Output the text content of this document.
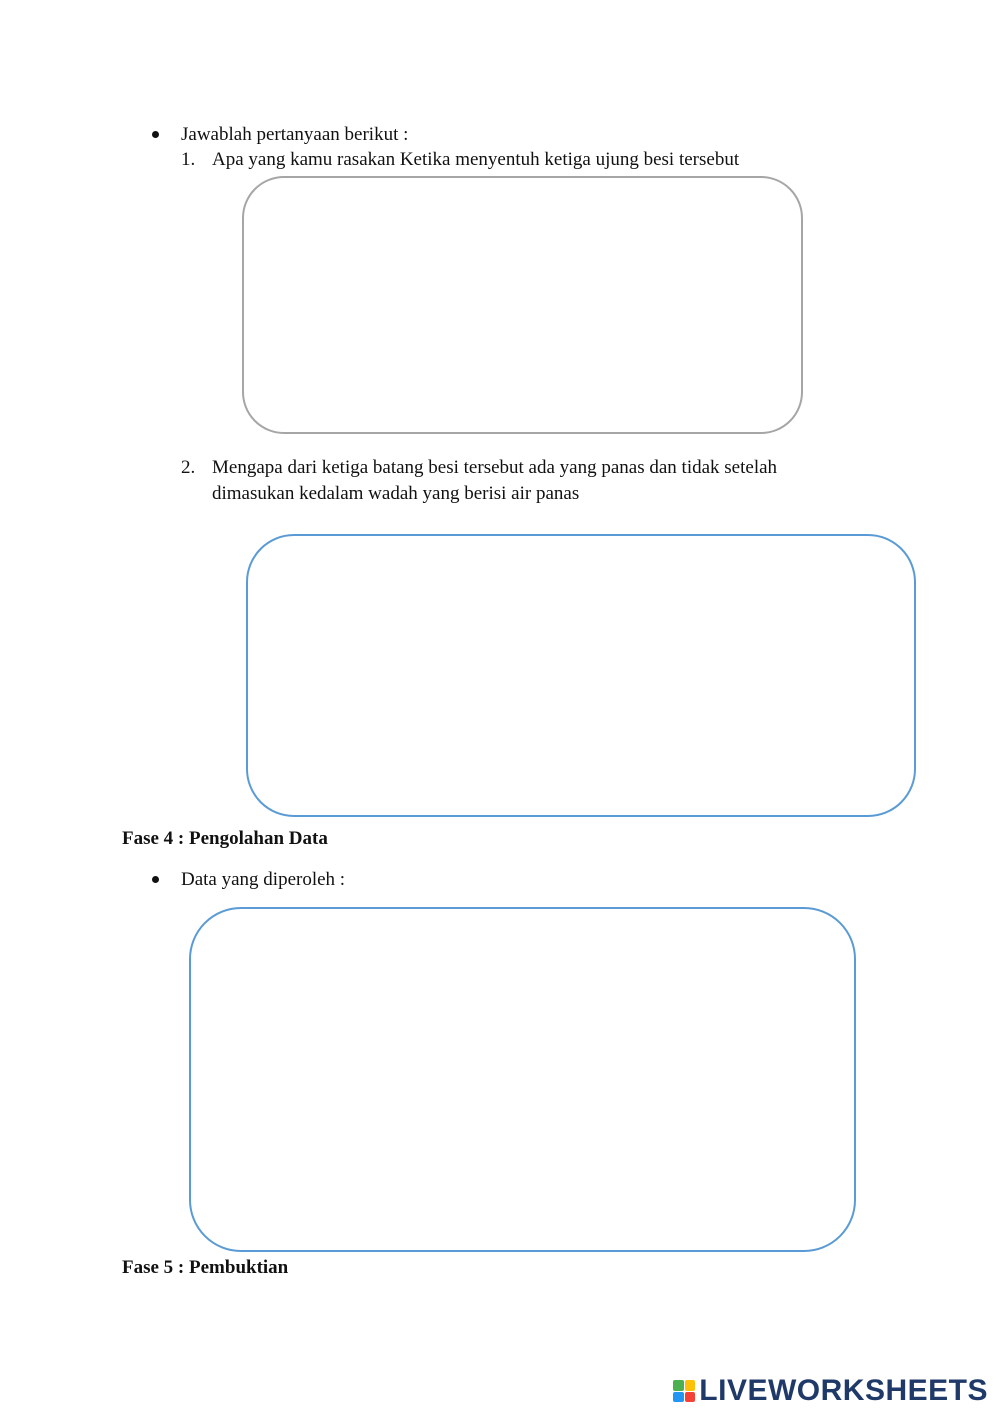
Jawablah pertanyaan berikut :
1. Apa yang kamu rasakan Ketika menyentuh ketiga ujung besi tersebut
2. Mengapa dari ketiga batang besi tersebut ada yang panas dan tidak setelah
dimasukan kedalam wadah yang berisi air panas
Fase 4 : Pengolahan Data
Data yang diperoleh :
Fase 5 : Pembuktian
LIVEWORKSHEETS
